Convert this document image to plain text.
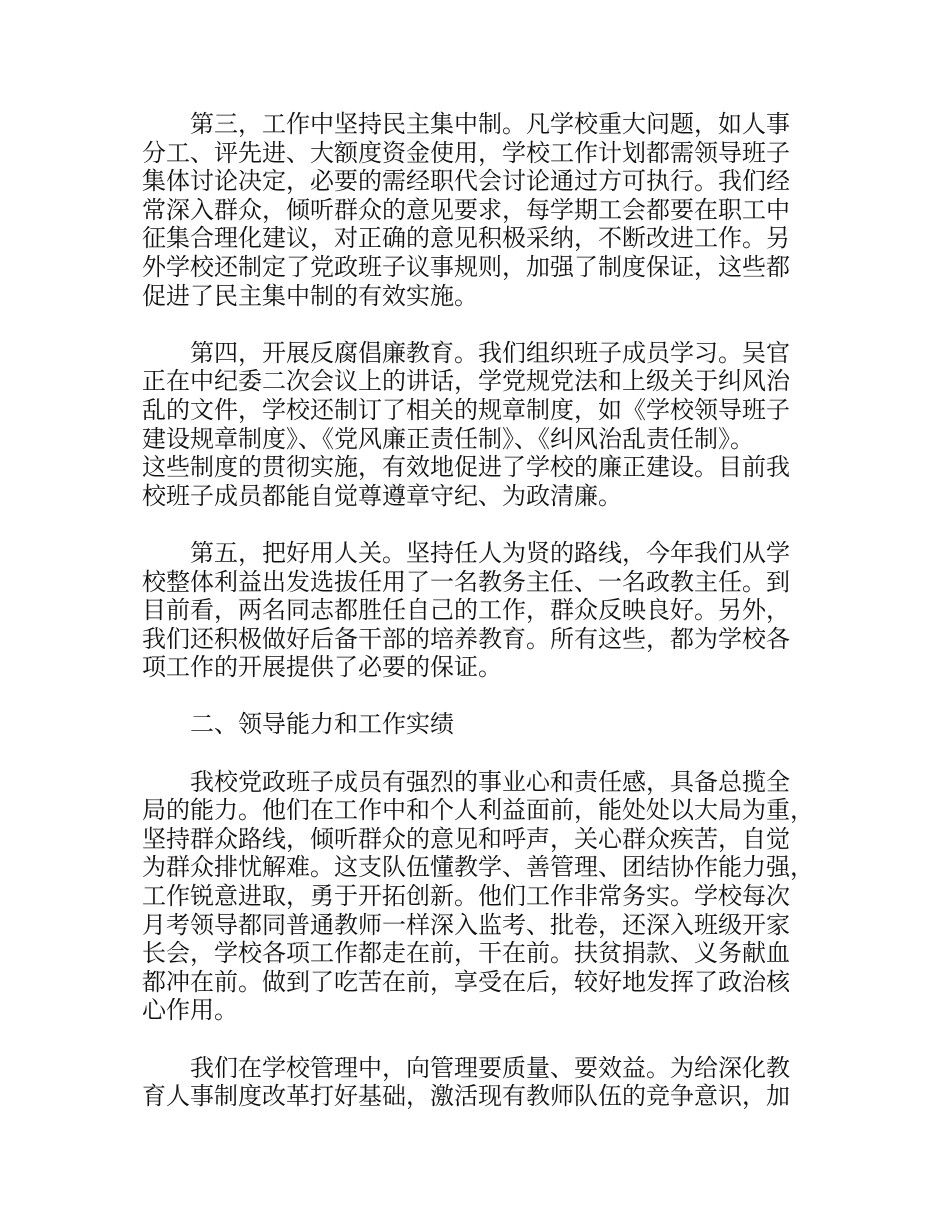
第三，工作中坚持民主集中制。凡学校重大问题，如人事
分工、评先进、大额度资金使用，学校工作计划都需领导班子
集体讨论决定，必要的需经职代会讨论通过方可执行。我们经
常深入群众，倾听群众的意见要求，每学期工会都要在职工中
征集合理化建议，对正确的意见积极采纳，不断改进工作。另
外学校还制定了党政班子议事规则，加强了制度保证，这些都
促进了民主集中制的有效实施。
第四，开展反腐倡廉教育。我们组织班子成员学习。吴官
正在中纪委二次会议上的讲话，学党规党法和上级关于纠风治
乱的文件，学校还制订了相关的规章制度，如《学校领导班子
建设规章制度》、《党风廉正责任制》、《纠风治乱责任制》。
这些制度的贯彻实施，有效地促进了学校的廉正建设。目前我
校班子成员都能自觉尊遵章守纪、为政清廉。
第五，把好用人关。坚持任人为贤的路线，今年我们从学
校整体利益出发选拔任用了一名教务主任、一名政教主任。到
目前看，两名同志都胜任自己的工作，群众反映良好。另外，
我们还积极做好后备干部的培养教育。所有这些，都为学校各
项工作的开展提供了必要的保证。
二、领导能力和工作实绩
我校党政班子成员有强烈的事业心和责任感，具备总揽全
局的能力。他们在工作中和个人利益面前，能处处以大局为重，
坚持群众路线，倾听群众的意见和呼声，关心群众疾苦，自觉
为群众排忧解难。这支队伍懂教学、善管理、团结协作能力强，
工作锐意进取，勇于开拓创新。他们工作非常务实。学校每次
月考领导都同普通教师一样深入监考、批卷，还深入班级开家
长会，学校各项工作都走在前，干在前。扶贫捐款、义务献血
都冲在前。做到了吃苦在前，享受在后，较好地发挥了政治核
心作用。
我们在学校管理中，向管理要质量、要效益。为给深化教
育人事制度改革打好基础，激活现有教师队伍的竞争意识，加
